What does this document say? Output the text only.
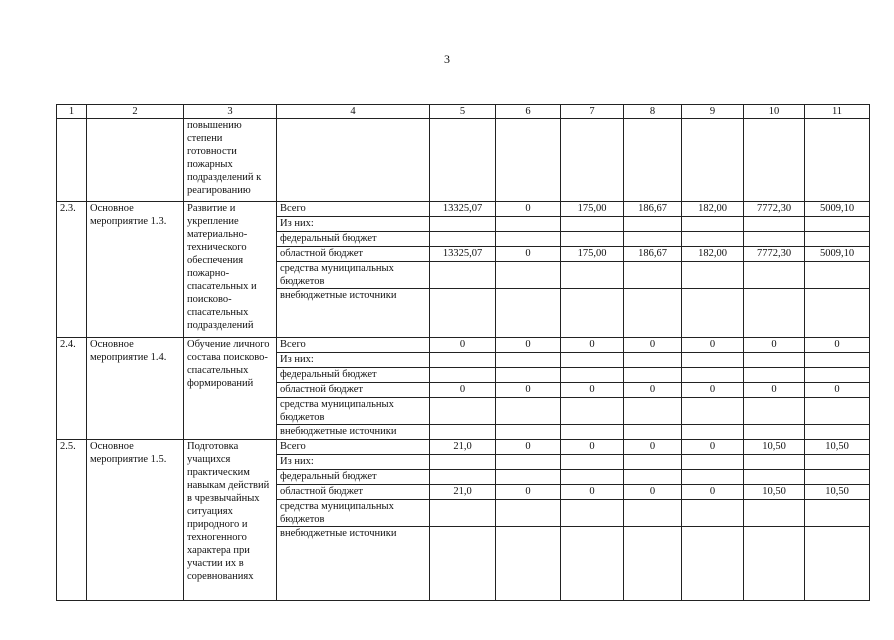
3
1	2	3	4	5	6	7	8	9	10	11
		повышению степени готовности пожарных подразделений к реагированию								
2.3.	Основное мероприятие 1.3.	Развитие и укрепление материально-технического обеспечения пожарно-спасательных и поисково-спасательных подразделений	Всего	13325,07	0	175,00	186,67	182,00	7772,30	5009,10
			Из них:							
			федеральный бюджет							
			областной бюджет	13325,07	0	175,00	186,67	182,00	7772,30	5009,10
			средства муниципальных бюджетов							
			внебюджетные источники							
2.4.	Основное мероприятие 1.4.	Обучение личного состава поисково-спасательных формирований	Всего	0	0	0	0	0	0	0
			Из них:							
			федеральный бюджет							
			областной бюджет	0	0	0	0	0	0	0
			средства муниципальных бюджетов							
			внебюджетные источники							
2.5.	Основное мероприятие 1.5.	Подготовка учащихся практическим навыкам действий в чрезвычайных ситуациях природного и техногенного характера при участии их в соревнованиях	Всего	21,0	0	0	0	0	10,50	10,50
			Из них:							
			федеральный бюджет							
			областной бюджет	21,0	0	0	0	0	10,50	10,50
			средства муниципальных бюджетов							
			внебюджетные источники							
